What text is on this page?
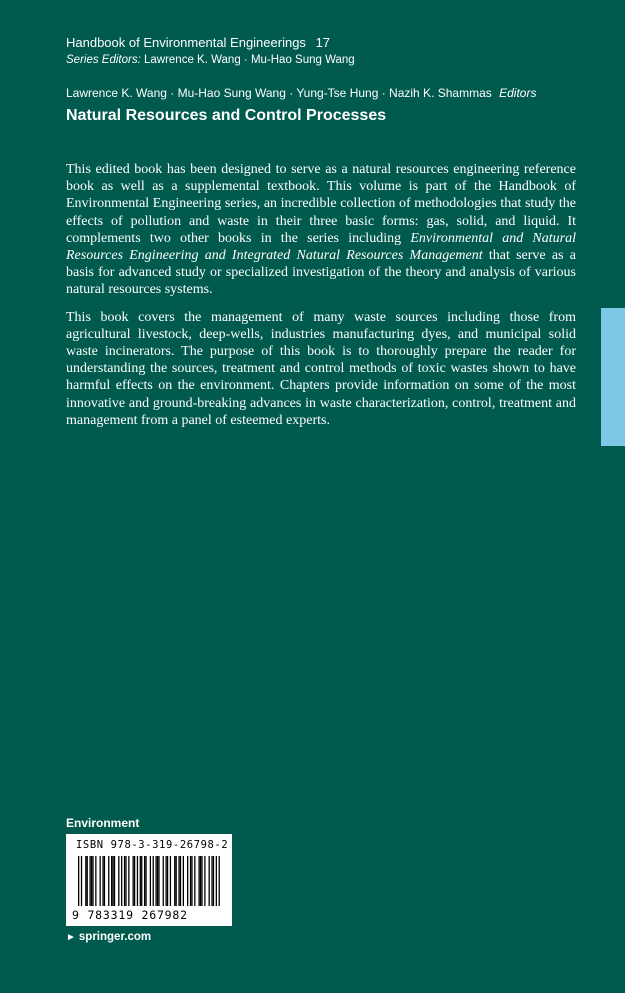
Handbook of Environmental Engineerings 17
Series Editors: Lawrence K. Wang · Mu-Hao Sung Wang
Lawrence K. Wang · Mu-Hao Sung Wang · Yung-Tse Hung · Nazih K. Shammas Editors
Natural Resources and Control Processes

This edited book has been designed to serve as a natural resources engineering reference book as well as a supplemental textbook. This volume is part of the Handbook of Environmental Engineering series, an incredible collection of methodologies that study the effects of pollution and waste in their three basic forms: gas, solid, and liquid. It complements two other books in the series including Environmental and Natural Resources Engineering and Integrated Natural Resources Management that serve as a basis for advanced study or specialized investigation of the theory and analysis of various natural resources systems.

This book covers the management of many waste sources including those from agricultural livestock, deep-wells, industries manufacturing dyes, and municipal solid waste incinerators. The purpose of this book is to thoroughly prepare the reader for understanding the sources, treatment and control methods of toxic wastes shown to have harmful effects on the environment. Chapters provide information on some of the most innovative and ground-breaking advances in waste characterization, control, treatment and management from a panel of esteemed experts.

Environment
ISBN 978-3-319-26798-2
9 783319 267982
► springer.com
